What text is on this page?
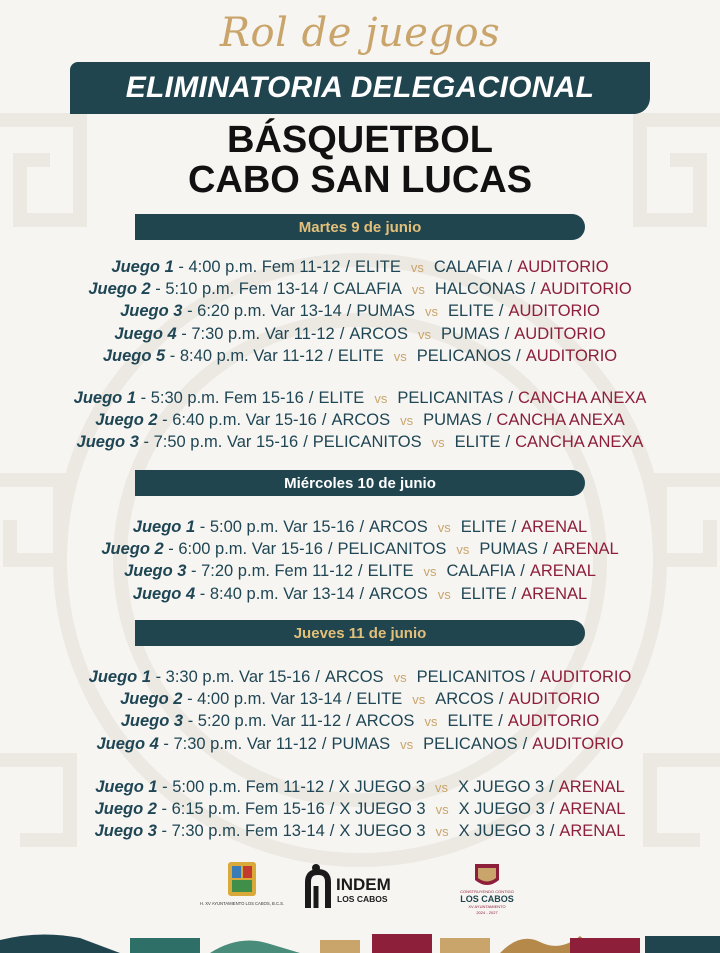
Rol de juegos
ELIMINATORIA DELEGACIONAL
BÁSQUETBOL
CABO SAN LUCAS
Martes 9 de junio
Juego 1 - 4:00 p.m. Fem 11-12 / ELITE vs CALAFIA / AUDITORIO
Juego 2 - 5:10 p.m. Fem 13-14 / CALAFIA vs HALCONAS / AUDITORIO
Juego 3 - 6:20 p.m. Var 13-14 / PUMAS vs ELITE / AUDITORIO
Juego 4 - 7:30 p.m. Var 11-12 / ARCOS vs PUMAS / AUDITORIO
Juego 5 - 8:40 p.m. Var 11-12 / ELITE vs PELICANOS / AUDITORIO
Juego 1 - 5:30 p.m. Fem 15-16 / ELITE vs PELICANITAS / CANCHA ANEXA
Juego 2 - 6:40 p.m. Var 15-16 / ARCOS vs PUMAS / CANCHA ANEXA
Juego 3 - 7:50 p.m. Var 15-16 / PELICANITOS vs ELITE / CANCHA ANEXA
Miércoles 10 de junio
Juego 1 - 5:00 p.m. Var 15-16 / ARCOS vs ELITE / ARENAL
Juego 2 - 6:00 p.m. Var 15-16 / PELICANITOS vs PUMAS / ARENAL
Juego 3 - 7:20 p.m. Fem 11-12 / ELITE vs CALAFIA / ARENAL
Juego 4 - 8:40 p.m. Var 13-14 / ARCOS vs ELITE / ARENAL
Jueves 11 de junio
Juego 1 - 3:30 p.m. Var 15-16 / ARCOS vs PELICANITOS / AUDITORIO
Juego 2 - 4:00 p.m. Var 13-14 / ELITE vs ARCOS / AUDITORIO
Juego 3 - 5:20 p.m. Var 11-12 / ARCOS vs ELITE / AUDITORIO
Juego 4 - 7:30 p.m. Var 11-12 / PUMAS vs PELICANOS / AUDITORIO
Juego 1 - 5:00 p.m. Fem 11-12 / X JUEGO 3 vs X JUEGO 3 / ARENAL
Juego 2 - 6:15 p.m. Fem 15-16 / X JUEGO 3 vs X JUEGO 3 / ARENAL
Juego 3 - 7:30 p.m. Fem 13-14 / X JUEGO 3 vs X JUEGO 3 / ARENAL
H. XV AYUNTAMIENTO LOS CABOS, B.C.S.
INDEM
LOS CABOS
CONSTRUYENDO CONTIGO
LOS CABOS
XV AYUNTAMIENTO
2024 - 2027
